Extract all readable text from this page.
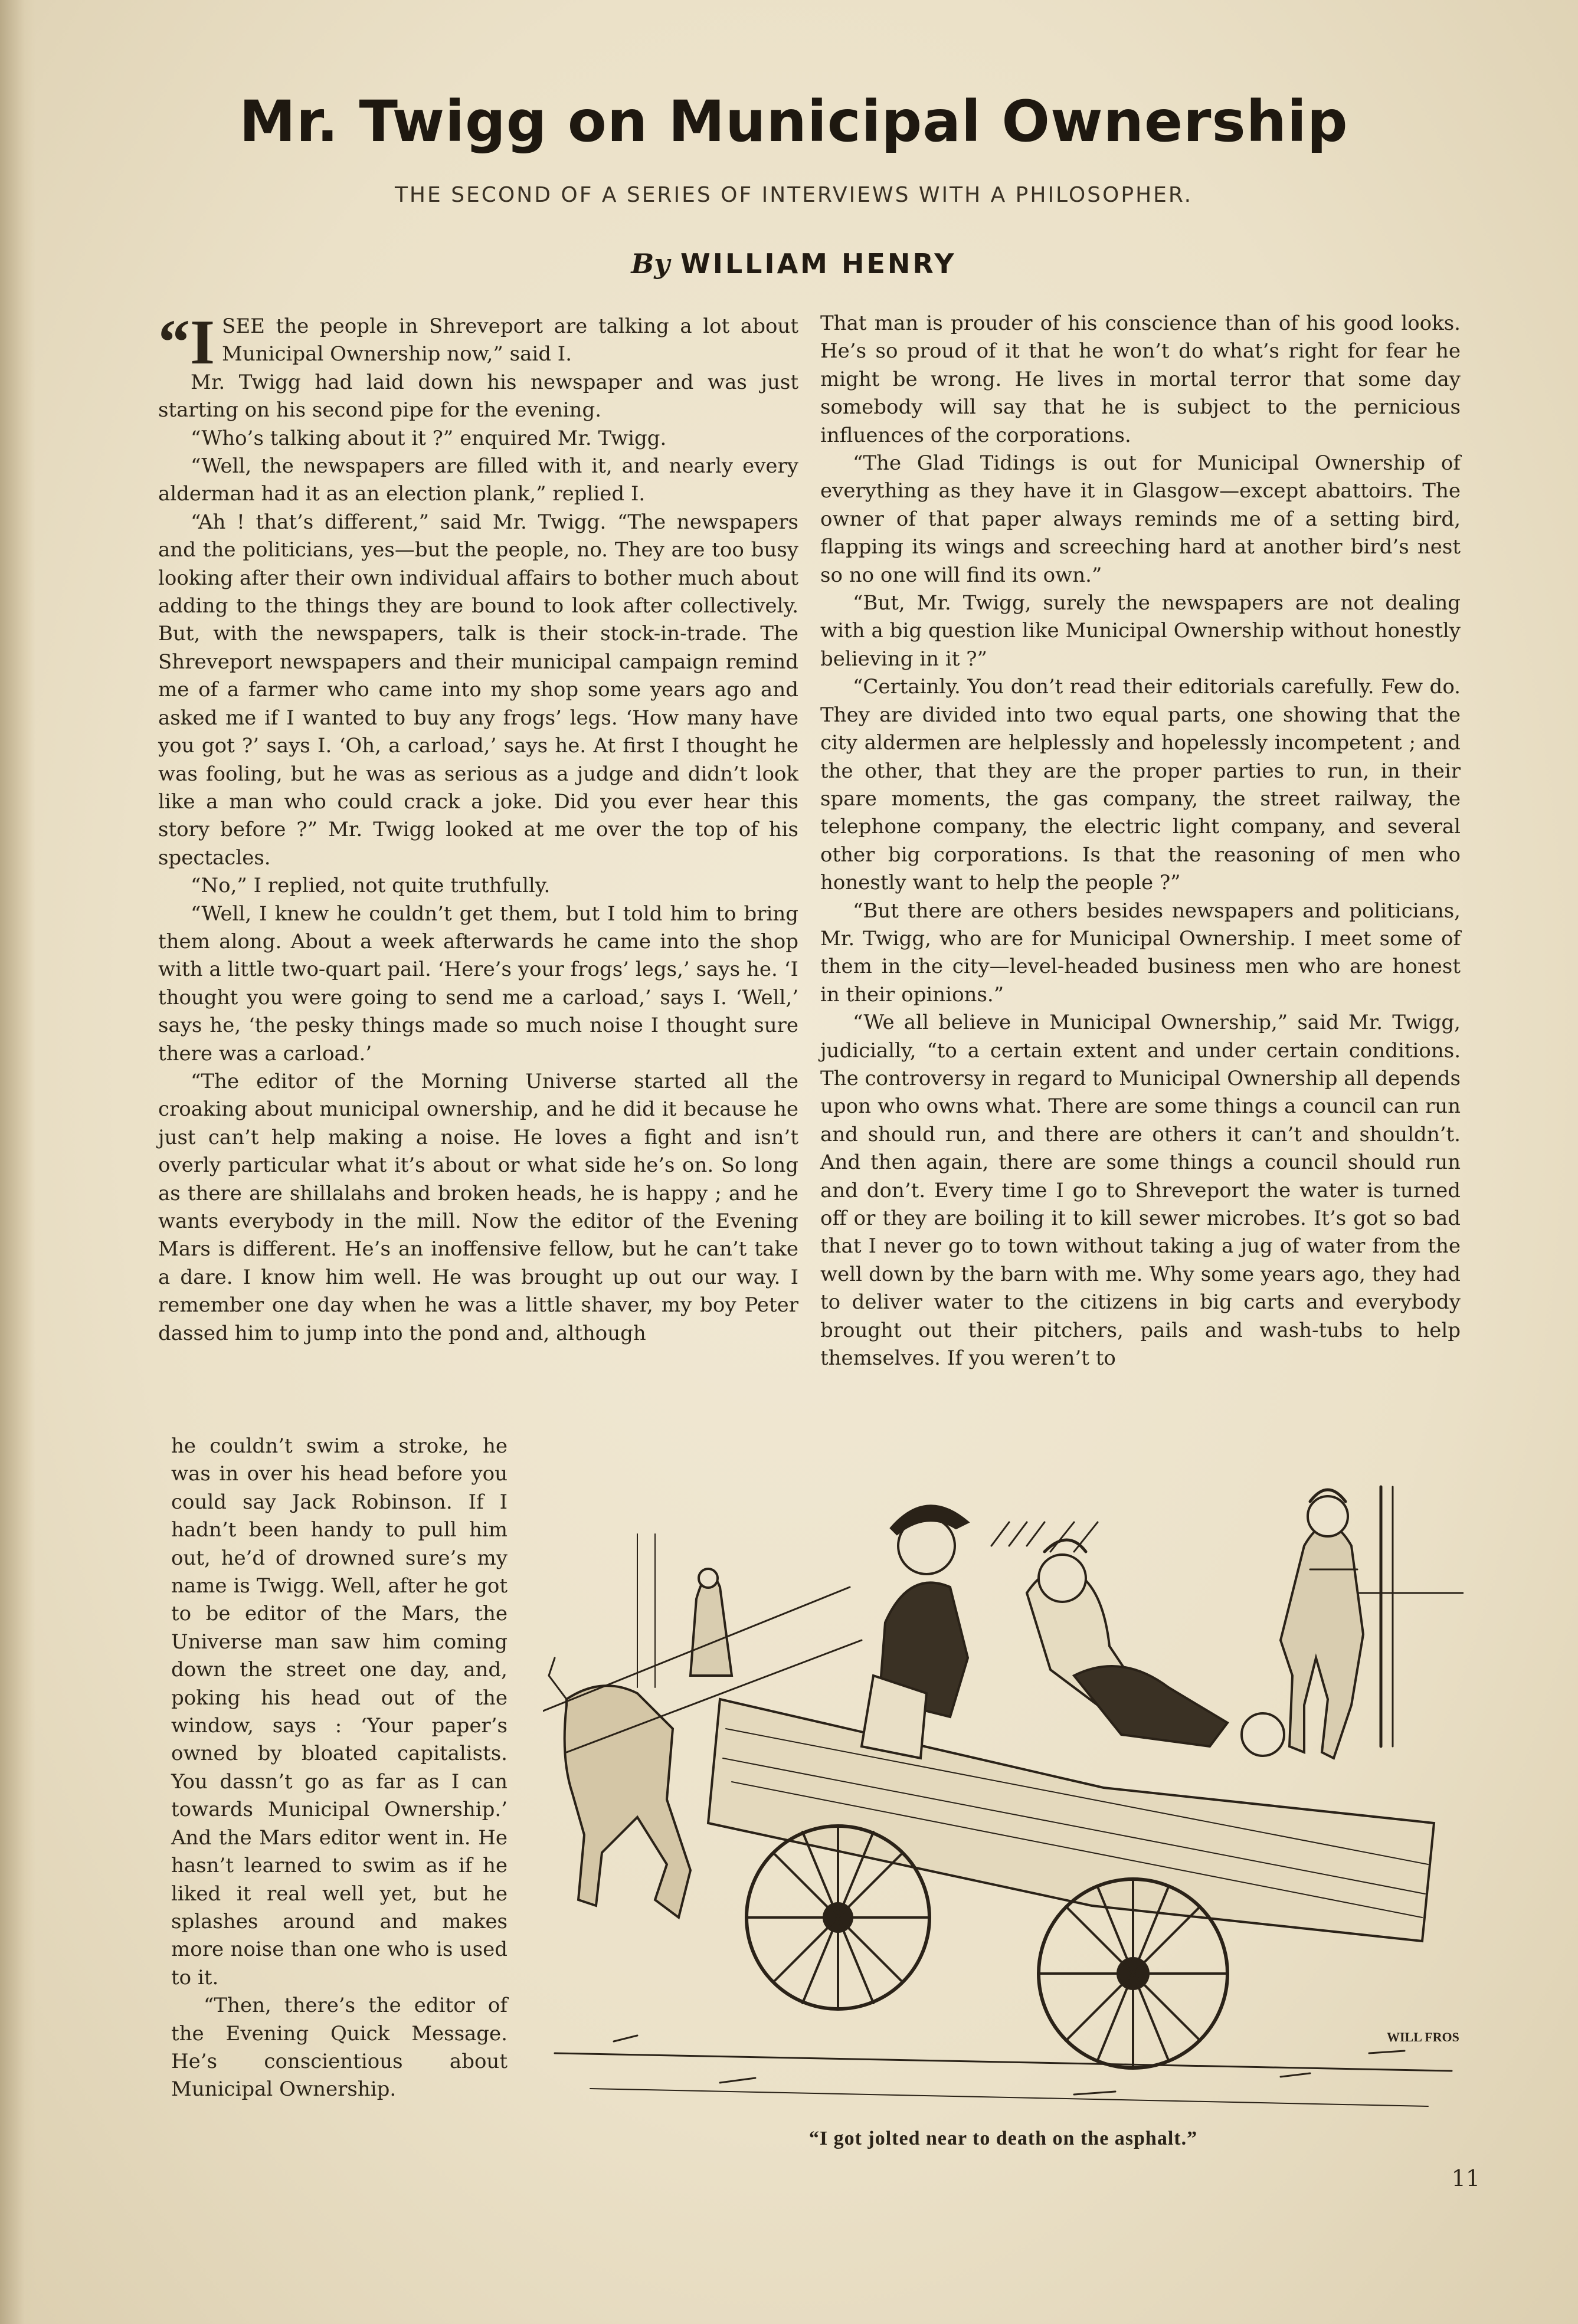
Mr. Twigg on Municipal Ownership
THE SECOND OF A SERIES OF INTERVIEWS WITH A PHILOSOPHER.
By WILLIAM HENRY

“ISEE the people in Shreveport are talking a lot about Municipal Ownership now,” said I.

Mr. Twigg had laid down his newspaper and was just starting on his second pipe for the evening.

“Who’s talking about it ?” enquired Mr. Twigg.

“Well, the newspapers are filled with it, and nearly every alderman had it as an election plank,” replied I.

“Ah ! that’s different,” said Mr. Twigg. “The newspapers and the politicians, yes—but the people, no. They are too busy looking after their own individual affairs to bother much about adding to the things they are bound to look after collectively. But, with the newspapers, talk is their stock-in-trade. The Shreveport newspapers and their municipal campaign remind me of a farmer who came into my shop some years ago and asked me if I wanted to buy any frogs’ legs. ‘How many have you got ?’ says I. ‘Oh, a carload,’ says he. At first I thought he was fooling, but he was as serious as a judge and didn’t look like a man who could crack a joke. Did you ever hear this story before ?” Mr. Twigg looked at me over the top of his spectacles.

“No,” I replied, not quite truthfully.

“Well, I knew he couldn’t get them, but I told him to bring them along. About a week afterwards he came into the shop with a little two-quart pail. ‘Here’s your frogs’ legs,’ says he. ‘I thought you were going to send me a carload,’ says I. ‘Well,’ says he, ‘the pesky things made so much noise I thought sure there was a carload.’

“The editor of the Morning Universe started all the croaking about municipal ownership, and he did it because he just can’t help making a noise. He loves a fight and isn’t overly particular what it’s about or what side he’s on. So long as there are shillalahs and broken heads, he is happy ; and he wants everybody in the mill. Now the editor of the Evening Mars is different. He’s an inoffensive fellow, but he can’t take a dare. I know him well. He was brought up out our way. I remember one day when he was a little shaver, my boy Peter dassed him to jump into the pond and, although

he couldn’t swim a stroke, he was in over his head before you could say Jack Robinson. If I hadn’t been handy to pull him out, he’d of drowned sure’s my name is Twigg. Well, after he got to be editor of the Mars, the Universe man saw him coming down the street one day, and, poking his head out of the window, says : ‘Your paper’s owned by bloated capitalists. You dassn’t go as far as I can towards Municipal Ownership.’ And the Mars editor went in. He hasn’t learned to swim as if he liked it real well yet, but he splashes around and makes more noise than one who is used to it.

“Then, there’s the editor of the Evening Quick Message. He’s conscientious about Municipal Ownership.

That man is prouder of his conscience than of his good looks. He’s so proud of it that he won’t do what’s right for fear he might be wrong. He lives in mortal terror that some day somebody will say that he is subject to the pernicious influences of the corporations.

“The Glad Tidings is out for Municipal Ownership of everything as they have it in Glasgow—except abattoirs. The owner of that paper always reminds me of a setting bird, flapping its wings and screeching hard at another bird’s nest so no one will find its own.”

“But, Mr. Twigg, surely the newspapers are not dealing with a big question like Municipal Ownership without honestly believing in it ?”

“Certainly. You don’t read their editorials carefully. Few do. They are divided into two equal parts, one showing that the city aldermen are helplessly and hopelessly incompetent ; and the other, that they are the proper parties to run, in their spare moments, the gas company, the street railway, the telephone company, the electric light company, and several other big corporations. Is that the reasoning of men who honestly want to help the people ?”

“But there are others besides newspapers and politicians, Mr. Twigg, who are for Municipal Ownership. I meet some of them in the city—level-headed business men who are honest in their opinions.”

“We all believe in Municipal Ownership,” said Mr. Twigg, judicially, “to a certain extent and under certain conditions. The controversy in regard to Municipal Ownership all depends upon who owns what. There are some things a council can run and should run, and there are others it can’t and shouldn’t. And then again, there are some things a council should run and don’t. Every time I go to Shreveport the water is turned off or they are boiling it to kill sewer microbes. It’s got so bad that I never go to town without taking a jug of water from the well down by the barn with me. Why some years ago, they had to deliver water to the citizens in big carts and everybody brought out their pitchers, pails and wash-tubs to help themselves. If you weren’t to

WILL FROS
“I got jolted near to death on the asphalt.”
11
